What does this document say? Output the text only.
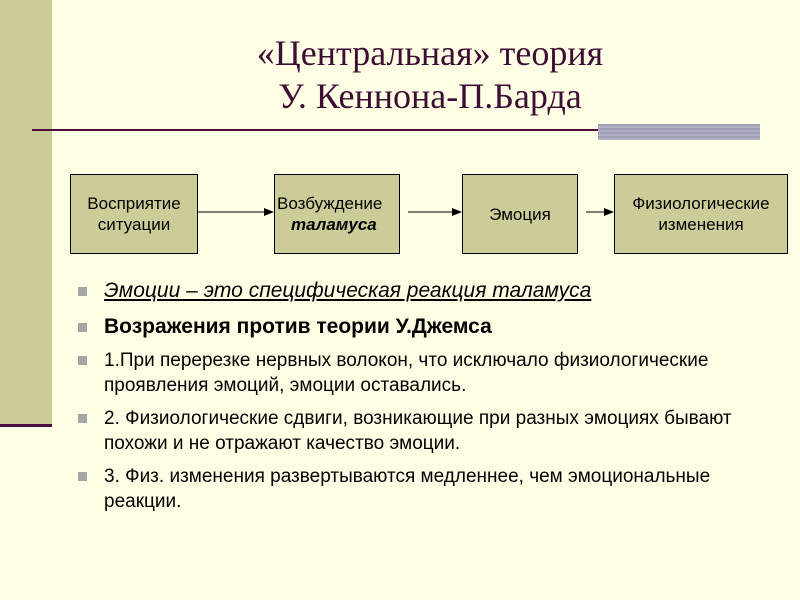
«Центральная» теория
У. Кеннона-П.Барда
Восприятие
ситуации
Возбуждение
таламуса
Эмоция
Физиологические
изменения
Эмоции – это специфическая реакция таламуса
Возражения против теории У.Джемса
1.При перерезке нервных волокон, что исключало физиологические проявления эмоций, эмоции оставались.
2. Физиологические сдвиги, возникающие при разных эмоциях бывают похожи и не отражают качество эмоции.
3. Физ. изменения развертываются медленнее, чем эмоциональные реакции.
